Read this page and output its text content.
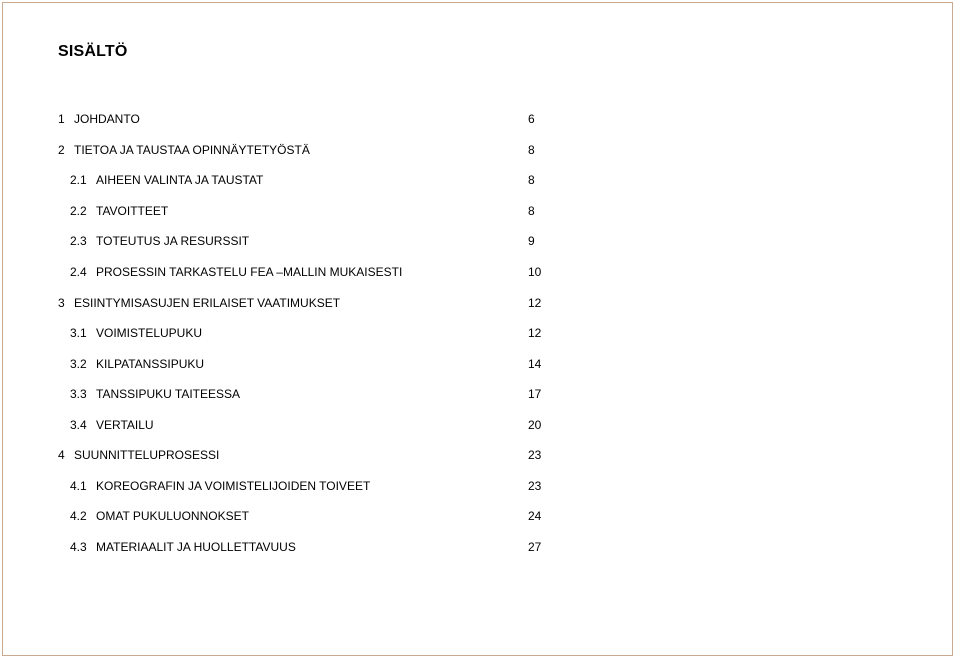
SISÄLTÖ
1 JOHDANTO	6
2 TIETOA JA TAUSTAA OPINNÄYTETYÖSTÄ	8
2.1 AIHEEN VALINTA JA TAUSTAT	8
2.2 TAVOITTEET	8
2.3 TOTEUTUS JA RESURSSIT	9
2.4 PROSESSIN TARKASTELU FEA –MALLIN MUKAISESTI	10
3 ESIINTYMISASUJEN ERILAISET VAATIMUKSET	12
3.1 VOIMISTELUPUKU	12
3.2 KILPATANSSIPUKU	14
3.3 TANSSIPUKU TAITEESSA	17
3.4 VERTAILU	20
4 SUUNNITTELUPROSESSI	23
4.1 KOREOGRAFIN JA VOIMISTELIJOIDEN TOIVEET	23
4.2 OMAT PUKULUONNOKSET	24
4.3 MATERIAALIT JA HUOLLETTAVUUS	27
